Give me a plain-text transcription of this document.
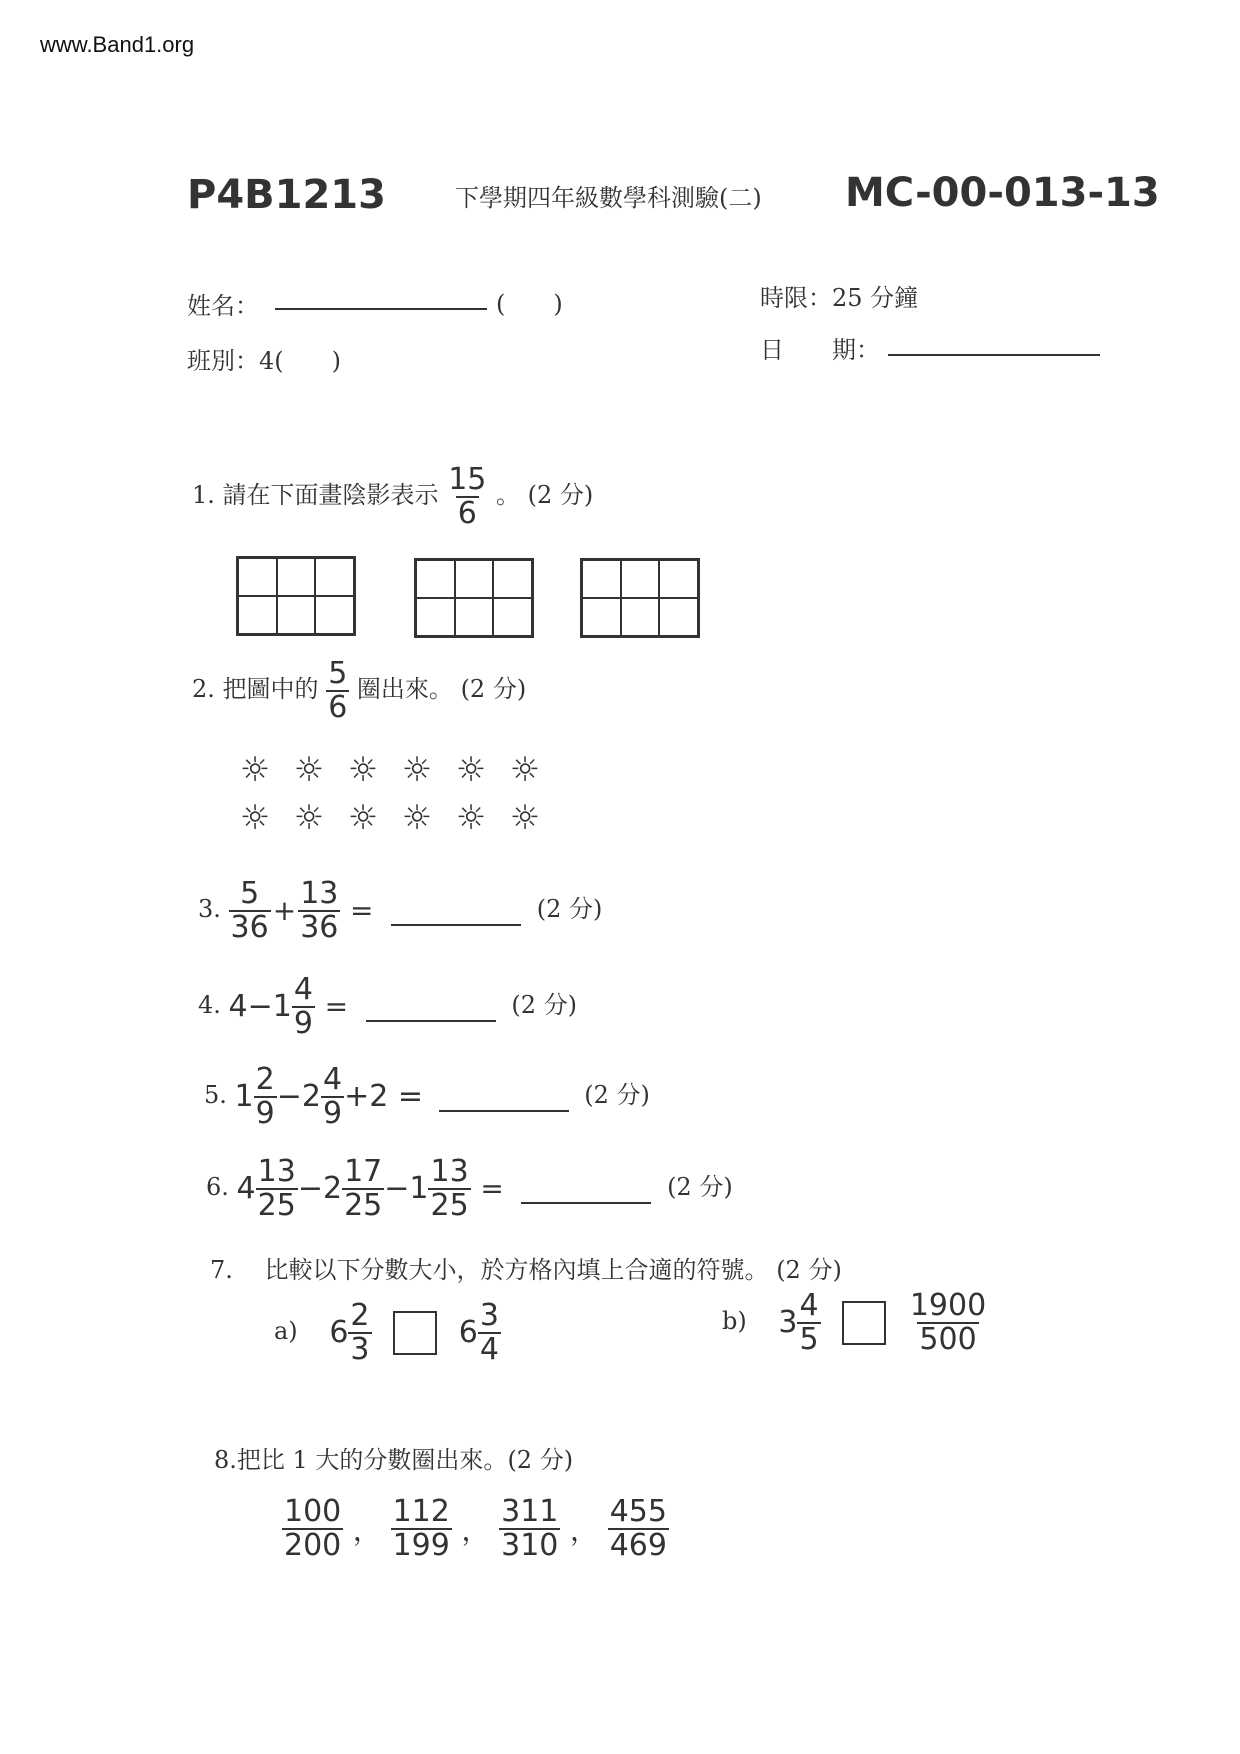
www.Band1.org
P4B1213	下學期四年級數學科測驗(二) MC-00-013-13
姓名：	(　　)
班別：4(　　)
時限：25 分鐘
日　　期：
1. 請在下面畫陰影表示 $\frac{15}{6}$ 。 (2 分)
2. 把圖中的 $\frac{5}{6}$ 圈出來。 (2 分)
☼ ☼ ☼ ☼ ☼ ☼
☼ ☼ ☼ ☼ ☼ ☼
3. $\frac{5}{36} + \frac{13}{36}$ =	(2 分)
4. $4-1 \frac{4}{9}$ =	(2 分)
5. $1 \frac{2}{9} -2 \frac{4}{9} +2$ =	(2 分)
6. $4 \frac{13}{25} -2 \frac{17}{25} -1 \frac{13}{25}$ =	(2 分)
7.　 比較以下分數大小，於方格內填上合適的符號。 (2 分)
a)　 $6 \frac{2}{3}$	$6 \frac{3}{4}$	b)　 $3 \frac{4}{5}$
	$\frac{1900}{500}$
8.把比 1 大的分數圈出來。(2 分)
$\frac{100}{200}$ ， $\frac{112}{199}$ ， $\frac{311}{310}$ ， $\frac{455}{469}$
